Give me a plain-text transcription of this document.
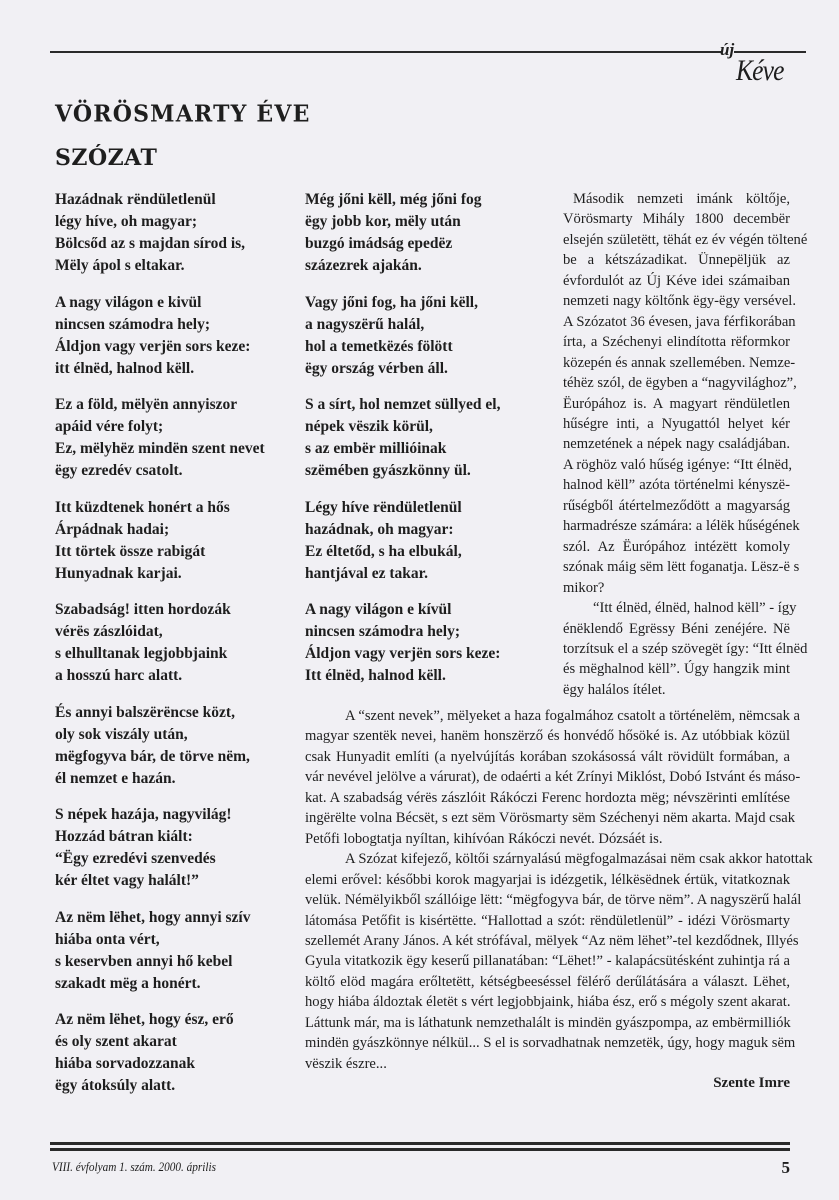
új
Kéve
VÖRÖSMARTY ÉVE
SZÓZAT
Hazádnak rëndületlenül
légy híve, oh magyar;
Bölcsőd az s majdan sírod is,
Mëly ápol s eltakar.
A nagy világon e kivül
nincsen számodra hely;
Áldjon vagy verjën sors keze:
itt élnëd, halnod këll.
Ez a föld, mëlyën annyiszor
apáid vére folyt;
Ez, mëlyhëz mindën szent nevet
ëgy ezredév csatolt.
Itt küzdtenek honért a hős
Árpádnak hadai;
Itt törtek össze rabigát
Hunyadnak karjai.
Szabadság! itten hordozák
vérës zászlóidat,
s elhulltanak legjobbjaink
a hosszú harc alatt.
És annyi balszërëncse közt,
oly sok viszály után,
mëgfogyva bár, de törve nëm,
él nemzet e hazán.
S népek hazája, nagyvilág!
Hozzád bátran kiált:
“Ëgy ezredévi szenvedés
kér éltet vagy halált!”
Az nëm lëhet, hogy annyi szív
hiába onta vért,
s keservben annyi hő kebel
szakadt mëg a honért.
Az nëm lëhet, hogy ész, erő
és oly szent akarat
hiába sorvadozzanak
ëgy átoksúly alatt.
Még jőni këll, még jőni fog
ëgy jobb kor, mëly után
buzgó imádság epedëz
százezrek ajakán.
Vagy jőni fog, ha jőni këll,
a nagyszërű halál,
hol a temetkëzés fölött
ëgy ország vérben áll.
S a sírt, hol nemzet süllyed el,
népek vëszik körül,
s az embër millióinak
szëmében gyászkönny ül.
Légy híve rëndületlenül
hazádnak, oh magyar:
Ez éltetőd, s ha elbukál,
hantjával ez takar.
A nagy világon e kívül
nincsen számodra hely;
Áldjon vagy verjën sors keze:
Itt élnëd, halnod këll.
Második nemzeti imánk költője,
Vörösmarty Mihály 1800 decembër
elsején születëtt, tëhát ez év végén töltené
be a kétszázadikat. Ünnepëljük az
évfordulót az Új Kéve idei számaiban
nemzeti nagy költőnk ëgy-ëgy versével.
A Szózatot 36 évesen, java férfikorában
írta, a Széchenyi elindította rëformkor
közepén és annak szellemében. Nemze-
téhëz szól, de ëgyben a “nagyvilághoz”,
Ëurópához is. A magyart rëndületlen
hűségre inti, a Nyugattól helyet kér
nemzetének a népek nagy családjában.
A röghöz való hűség igénye: “Itt élnëd,
halnod këll” azóta történelmi kényszë-
rűségből átértelmeződött a magyarság
harmadrésze számára: a lélëk hűségének
szól. Az Ëurópához intézëtt komoly
szónak máig sëm lëtt foganatja. Lësz-ë s
mikor?
“Itt élnëd, élnëd, halnod këll” - így
énëklendő Egrëssy Béni zenéjére. Në
torzítsuk el a szép szövegët így: “Itt élnëd
és mëghalnod këll”. Úgy hangzik mint
ëgy halálos ítélet.
A “szent nevek”, mëlyeket a haza fogalmához csatolt a történelëm, nëmcsak a
magyar szentëk nevei, hanëm honszërző és honvédő hősöké is. Az utóbbiak közül
csak Hunyadit említi (a nyelvújítás korában szokásossá vált rövidült formában, a
vár nevével jelölve a várurat), de odaérti a két Zrínyi Miklóst, Dobó Istvánt és máso-
kat. A szabadság vérës zászlóit Rákóczi Ferenc hordozta mëg; névszërinti említése
ingërëlte volna Bécsët, s ezt sëm Vörösmarty sëm Széchenyi nëm akarta. Majd csak
Petőfi lobogtatja nyíltan, kihívóan Rákóczi nevét. Dózsáét is.
A Szózat kifejező, költői szárnyalású mëgfogalmazásai nëm csak akkor hatottak
elemi erővel: későbbi korok magyarjai is idézgetik, lélkësëdnek értük, vitatkoznak
velük. Némëlyikből szállóige lëtt: “mëgfogyva bár, de törve nëm”. A nagyszërű halál
látomása Petőfit is kisértëtte. “Hallottad a szót: rëndületlenül” - idézi Vörösmarty
szellemét Arany János. A két strófával, mëlyek “Az nëm lëhet”-tel kezdődnek, Illyés
Gyula vitatkozik ëgy keserű pillanatában: “Lëhet!” - kalapácsütésként zuhintja rá a
költő elöd magára erőltetëtt, kétségbeeséssel fëlérő derűlátására a választ. Lëhet,
hogy hiába áldoztak életët s vért legjobbjaink, hiába ész, erő s mégoly szent akarat.
Láttunk már, ma is láthatunk nemzethalált is mindën gyászpompa, az embërmilliók
mindën gyászkönnye nélkül... S el is sorvadhatnak nemzetëk, úgy, hogy maguk sëm
vëszik észre...
Szente Imre
VIII. évfolyam 1. szám. 2000. április	5
